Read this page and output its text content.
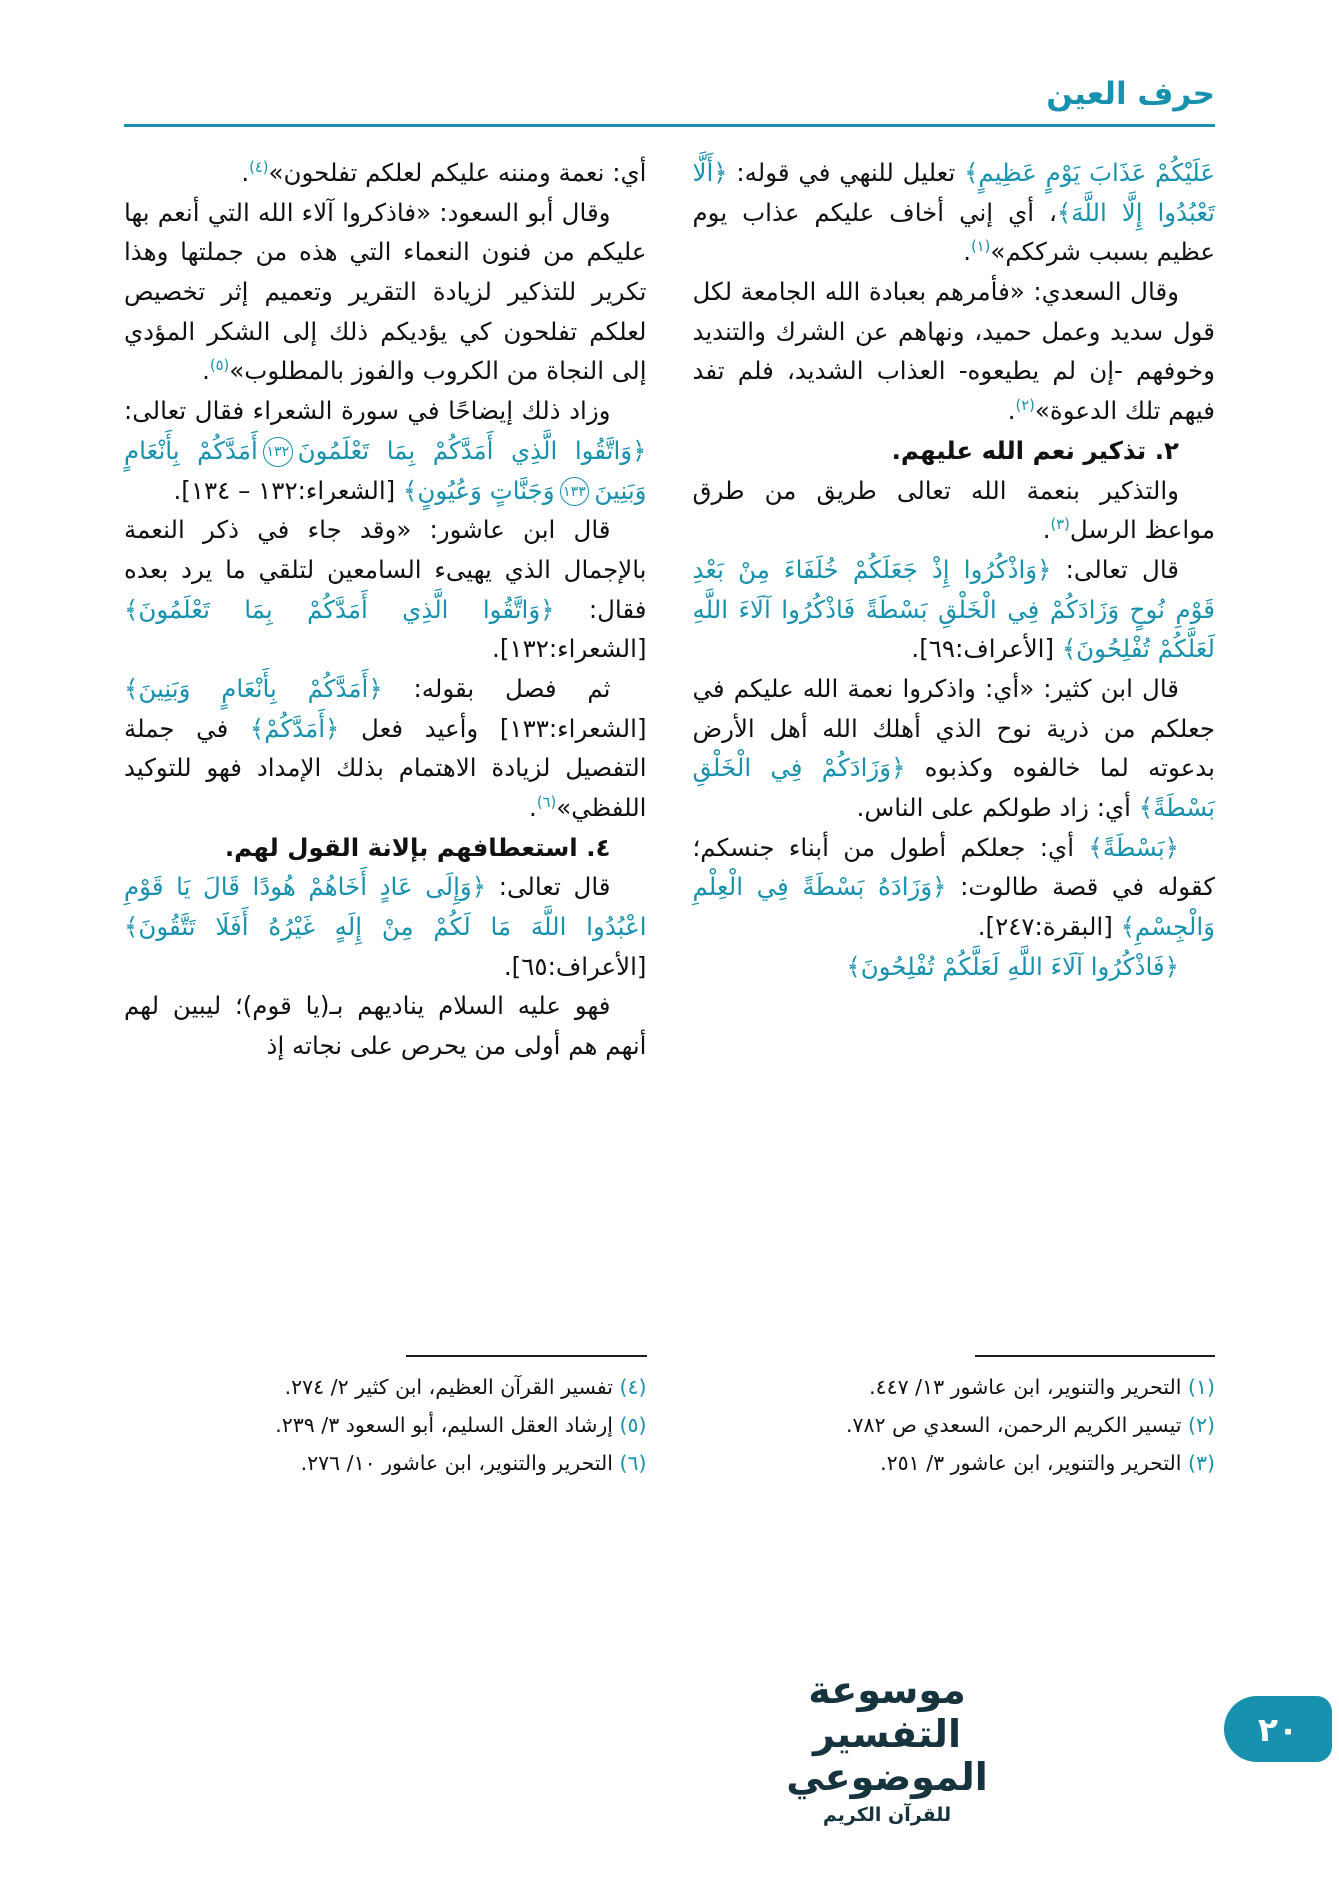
حرف العين

عَلَيْكُمْ عَذَابَ يَوْمٍ عَظِيمٍ﴾ تعليل للنهي في قوله: ﴿أَلَّا تَعْبُدُوا إِلَّا اللَّهَ﴾، أي إني أخاف عليكم عذاب يوم عظيم بسبب شرككم»$^{(١)}$.

وقال السعدي: «فأمرهم بعبادة الله الجامعة لكل قول سديد وعمل حميد، ونهاهم عن الشرك والتنديد وخوفهم -إن لم يطيعوه- العذاب الشديد، فلم تفد فيهم تلك الدعوة»$^{(٢)}$.

٢. تذكير نعم الله عليهم.

والتذكير بنعمة الله تعالى طريق من طرق مواعظ الرسل$^{(٣)}$.

قال تعالى: ﴿وَاذْكُرُوا إِذْ جَعَلَكُمْ خُلَفَاءَ مِنْ بَعْدِ قَوْمِ نُوحٍ وَزَادَكُمْ فِي الْخَلْقِ بَسْطَةً فَاذْكُرُوا آلَاءَ اللَّهِ لَعَلَّكُمْ تُفْلِحُونَ﴾ [الأعراف:٦٩].

قال ابن كثير: «أي: واذكروا نعمة الله عليكم في جعلكم من ذرية نوح الذي أهلك الله أهل الأرض بدعوته لما خالفوه وكذبوه ﴿وَزَادَكُمْ فِي الْخَلْقِ بَسْطَةً﴾ أي: زاد طولكم على الناس.

﴿بَسْطَةً﴾ أي: جعلكم أطول من أبناء جنسكم؛ كقوله في قصة طالوت: ﴿وَزَادَهُ بَسْطَةً فِي الْعِلْمِ وَالْجِسْمِ﴾ [البقرة:٢٤٧].

﴿فَاذْكُرُوا آلَاءَ اللَّهِ لَعَلَّكُمْ تُفْلِحُونَ﴾

(١) التحرير والتنوير، ابن عاشور ١٣/ ٤٤٧.
(٢) تيسير الكريم الرحمن، السعدي ص ٧٨٢.
(٣) التحرير والتنوير، ابن عاشور ٣/ ٢٥١.

أي: نعمة ومننه عليكم لعلكم تفلحون»$^{(٤)}$.

وقال أبو السعود: «فاذكروا آلاء الله التي أنعم بها عليكم من فنون النعماء التي هذه من جملتها وهذا تكرير للتذكير لزيادة التقرير وتعميم إثر تخصيص لعلكم تفلحون كي يؤديكم ذلك إلى الشكر المؤدي إلى النجاة من الكروب والفوز بالمطلوب»$^{(٥)}$.

وزاد ذلك إيضاحًا في سورة الشعراء فقال تعالى: ﴿وَاتَّقُوا الَّذِي أَمَدَّكُمْ بِمَا تَعْلَمُونَ١٣٢أَمَدَّكُمْ بِأَنْعَامٍ وَبَنِينَ١٣٣وَجَنَّاتٍ وَعُيُونٍ﴾ [الشعراء:١٣٢ – ١٣٤].

قال ابن عاشور: «وقد جاء في ذكر النعمة بالإجمال الذي يهيىء السامعين لتلقي ما يرد بعده فقال: ﴿وَاتَّقُوا الَّذِي أَمَدَّكُمْ بِمَا تَعْلَمُونَ﴾ [الشعراء:١٣٢].

ثم فصل بقوله: ﴿أَمَدَّكُمْ بِأَنْعَامٍ وَبَنِينَ﴾ [الشعراء:١٣٣] وأعيد فعل ﴿أَمَدَّكُمْ﴾ في جملة التفصيل لزيادة الاهتمام بذلك الإمداد فهو للتوكيد اللفظي»$^{(٦)}$.

٤. استعطافهم بإلانة القول لهم.

قال تعالى: ﴿وَإِلَى عَادٍ أَخَاهُمْ هُودًا قَالَ يَا قَوْمِ اعْبُدُوا اللَّهَ مَا لَكُمْ مِنْ إِلَهٍ غَيْرُهُ أَفَلَا تَتَّقُونَ﴾ [الأعراف:٦٥].

فهو عليه السلام يناديهم بـ(يا قوم)؛ ليبين لهم أنهم هم أولى من يحرص على نجاته إذ

(٤) تفسير القرآن العظيم، ابن كثير ٢/ ٢٧٤.
(٥) إرشاد العقل السليم، أبو السعود ٣/ ٢٣٩.
(٦) التحرير والتنوير، ابن عاشور ١٠/ ٢٧٦.
موسوعة التفسير الموضوعي
للقرآن الكريم
٢٠
